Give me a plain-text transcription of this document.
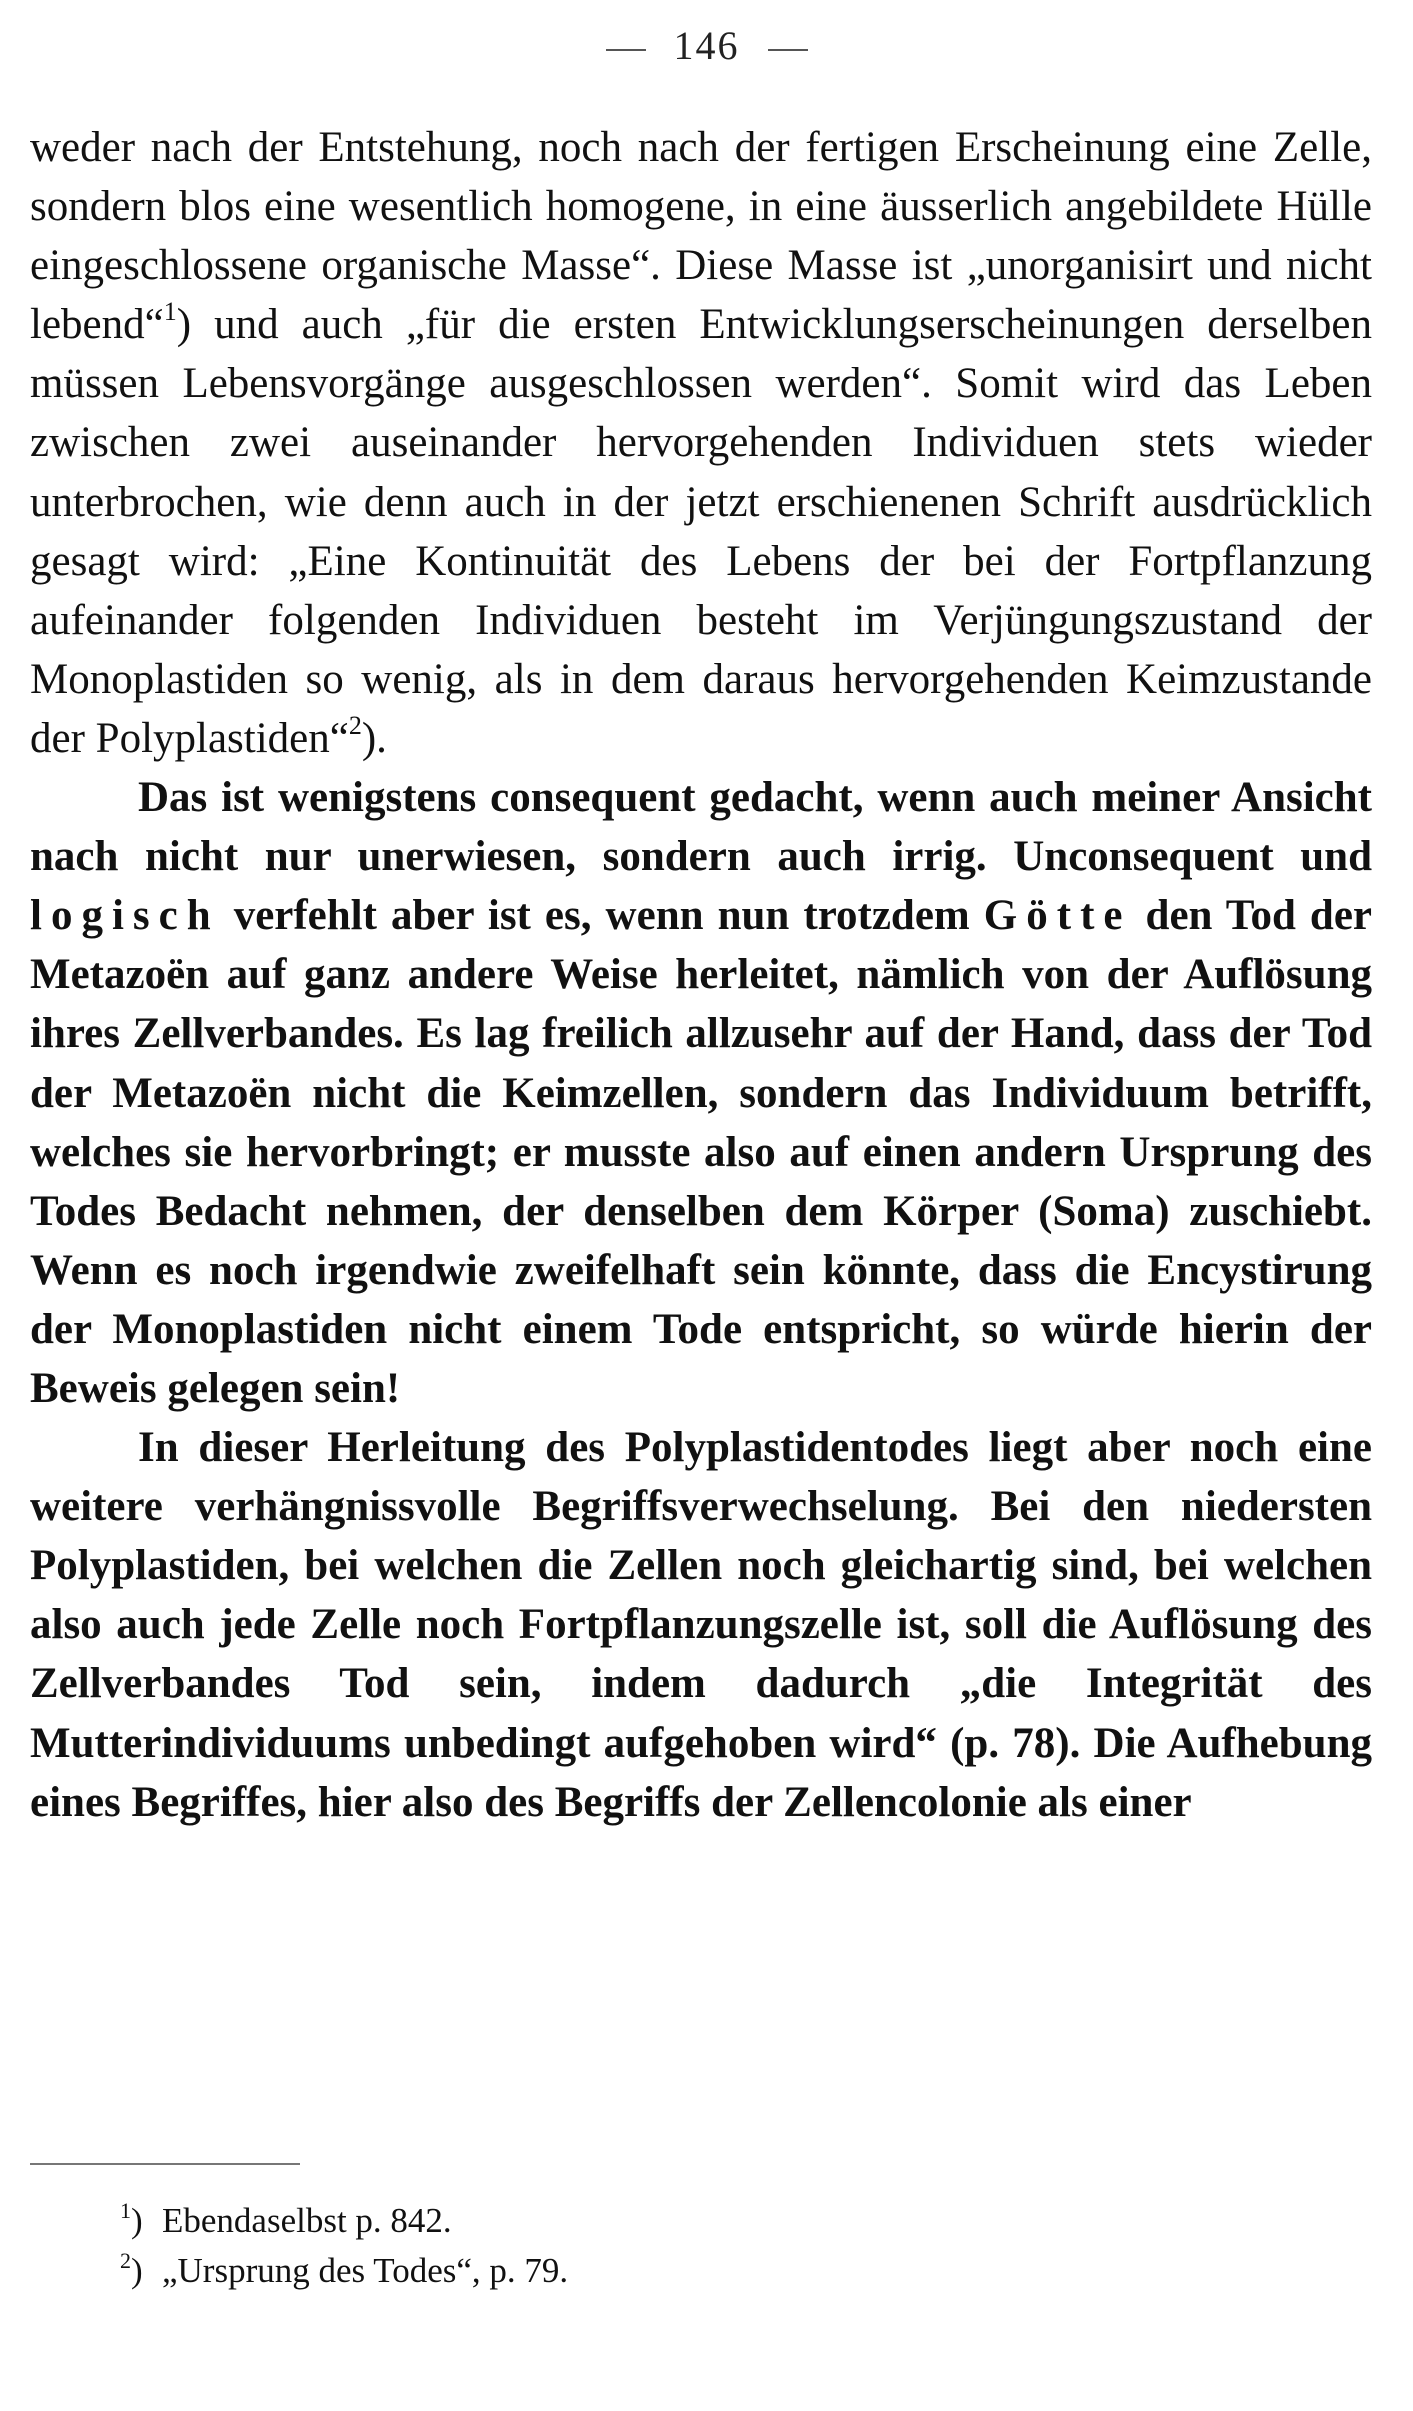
146

weder nach der Entstehung, noch nach der fertigen Erscheinung eine Zelle, sondern blos eine wesentlich homogene, in eine äusserlich angebildete Hülle eingeschlossene organische Masse“. Diese Masse ist „unorganisirt und nicht lebend“$^1$) und auch „für die ersten Entwicklungserscheinungen derselben müssen Lebensvorgänge ausgeschlossen werden“. Somit wird das Leben zwischen zwei auseinander hervorgehenden Individuen stets wieder unterbrochen, wie denn auch in der jetzt erschienenen Schrift ausdrücklich gesagt wird: „Eine Kontinuität des Lebens der bei der Fortpflanzung aufeinander folgenden Individuen besteht im Verjüngungszustand der Monoplastiden so wenig, als in dem daraus hervorgehenden Keimzustande der Polyplastiden“$^2$).

Das ist wenigstens consequent gedacht, wenn auch meiner Ansicht nach nicht nur unerwiesen, sondern auch irrig. Unconsequent und logisch verfehlt aber ist es, wenn nun trotzdem Götte den Tod der Metazoën auf ganz andere Weise herleitet, nämlich von der Auflösung ihres Zellverbandes. Es lag freilich allzusehr auf der Hand, dass der Tod der Metazoën nicht die Keimzellen, sondern das Individuum betrifft, welches sie hervorbringt; er musste also auf einen andern Ursprung des Todes Bedacht nehmen, der denselben dem Körper (Soma) zuschiebt. Wenn es noch irgendwie zweifelhaft sein könnte, dass die Encystirung der Monoplastiden nicht einem Tode entspricht, so würde hierin der Beweis gelegen sein!

In dieser Herleitung des Polyplastidentodes liegt aber noch eine weitere verhängnissvolle Begriffsverwechselung. Bei den niedersten Polyplastiden, bei welchen die Zellen noch gleichartig sind, bei welchen also auch jede Zelle noch Fortpflanzungszelle ist, soll die Auflösung des Zellverbandes Tod sein, indem dadurch „die Integrität des Mutterindividuums unbedingt aufgehoben wird“ (p. 78). Die Aufhebung eines Begriffes, hier also des Begriffs der Zellencolonie als einer

$^1$) Ebendaselbst p. 842.
$^2$) „Ursprung des Todes“, p. 79.
